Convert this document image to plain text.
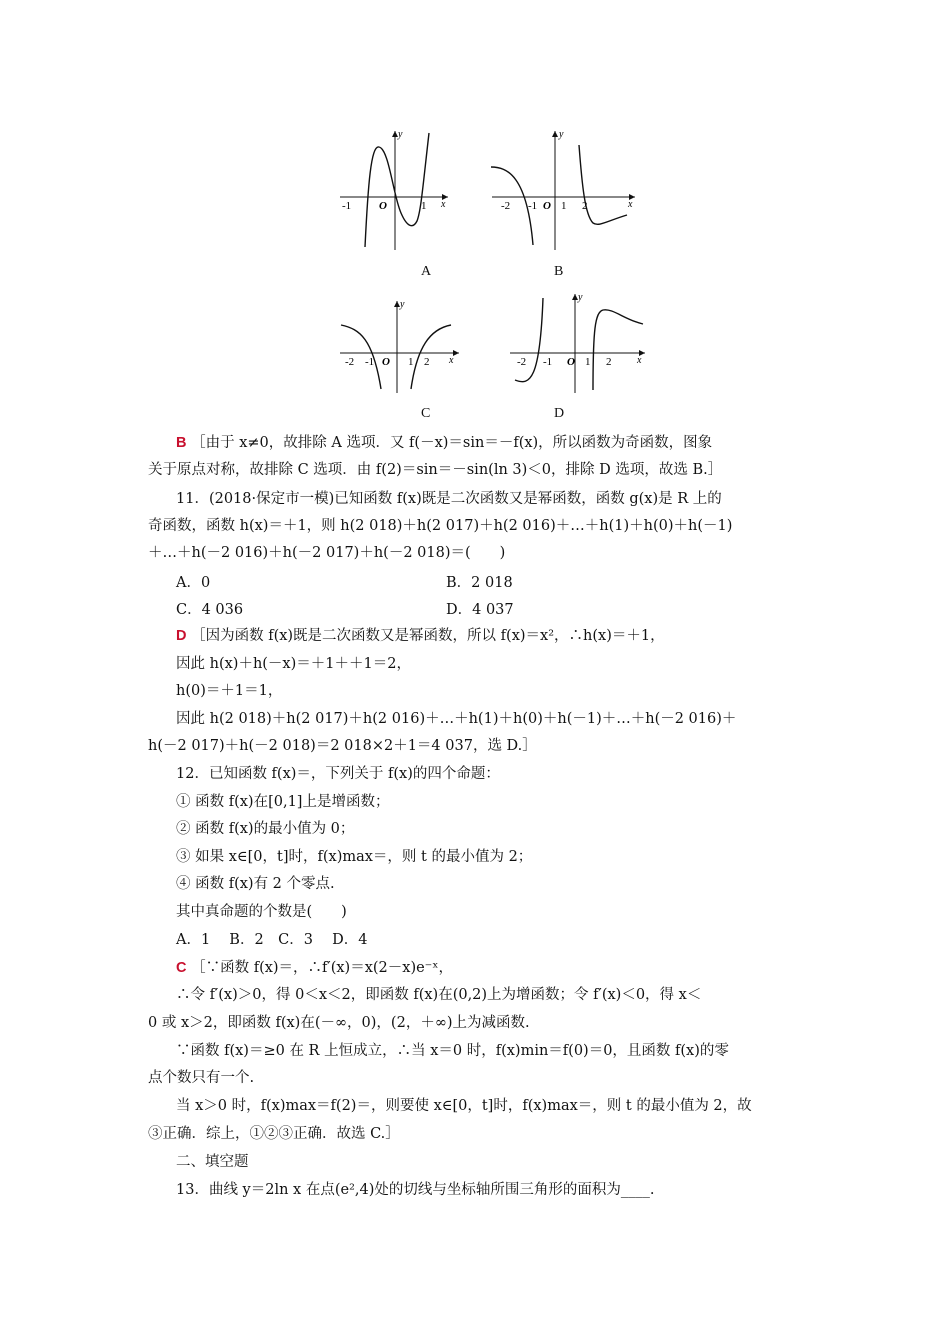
-1	O	1 x
y
-2 -1 O 1 2	x
y
A	B
-2 -1 O 1 2 x
y
-2 -1 O 1 2	x
y
C	D
B ［由于 x≠0，故排除 A 选项．又 f(－x)＝sin＝－f(x)，所以函数为奇函数，图象
关于原点对称，故排除 C 选项．由 f(2)＝sin＝－sin(ln 3)＜0，排除 D 选项，故选 B.］
11．(2018·保定市一模)已知函数 f(x)既是二次函数又是幂函数，函数 g(x)是 R 上的
奇函数，函数 h(x)＝＋1，则 h(2 018)＋h(2 017)＋h(2 016)＋…＋h(1)＋h(0)＋h(－1)
＋…＋h(－2 016)＋h(－2 017)＋h(－2 018)＝(　　)
A．0	B．2 018
C．4 036	D．4 037
D ［因为函数 f(x)既是二次函数又是幂函数，所以 f(x)＝x²，∴h(x)＝＋1，
因此 h(x)＋h(－x)＝＋1＋＋1＝2，
h(0)＝＋1＝1，
因此 h(2 018)＋h(2 017)＋h(2 016)＋…＋h(1)＋h(0)＋h(－1)＋…＋h(－2 016)＋
h(－2 017)＋h(－2 018)＝2 018×2＋1＝4 037，选 D.］
12．已知函数 f(x)＝，下列关于 f(x)的四个命题：
① 函数 f(x)在[0,1]上是增函数；
② 函数 f(x)的最小值为 0；
③ 如果 x∈[0，t]时，f(x)max＝，则 t 的最小值为 2；
④ 函数 f(x)有 2 个零点.
其中真命题的个数是(　　)
A．1　 B．2　C．3　 D．4
C ［∵函数 f(x)＝，∴f′(x)＝x(2－x)e⁻ˣ，
∴令 f′(x)＞0，得 0＜x＜2，即函数 f(x)在(0,2)上为增函数；令 f′(x)＜0，得 x＜
0 或 x＞2，即函数 f(x)在(－∞，0)，(2，＋∞)上为减函数.
∵函数 f(x)＝≥0 在 R 上恒成立，∴当 x＝0 时，f(x)min＝f(0)＝0，且函数 f(x)的零
点个数只有一个.
当 x＞0 时，f(x)max＝f(2)＝，则要使 x∈[0，t]时，f(x)max＝，则 t 的最小值为 2，故
③正确．综上，①②③正确．故选 C.］
二、填空题
13．曲线 y＝2ln x 在点(e²,4)处的切线与坐标轴所围三角形的面积为____.
